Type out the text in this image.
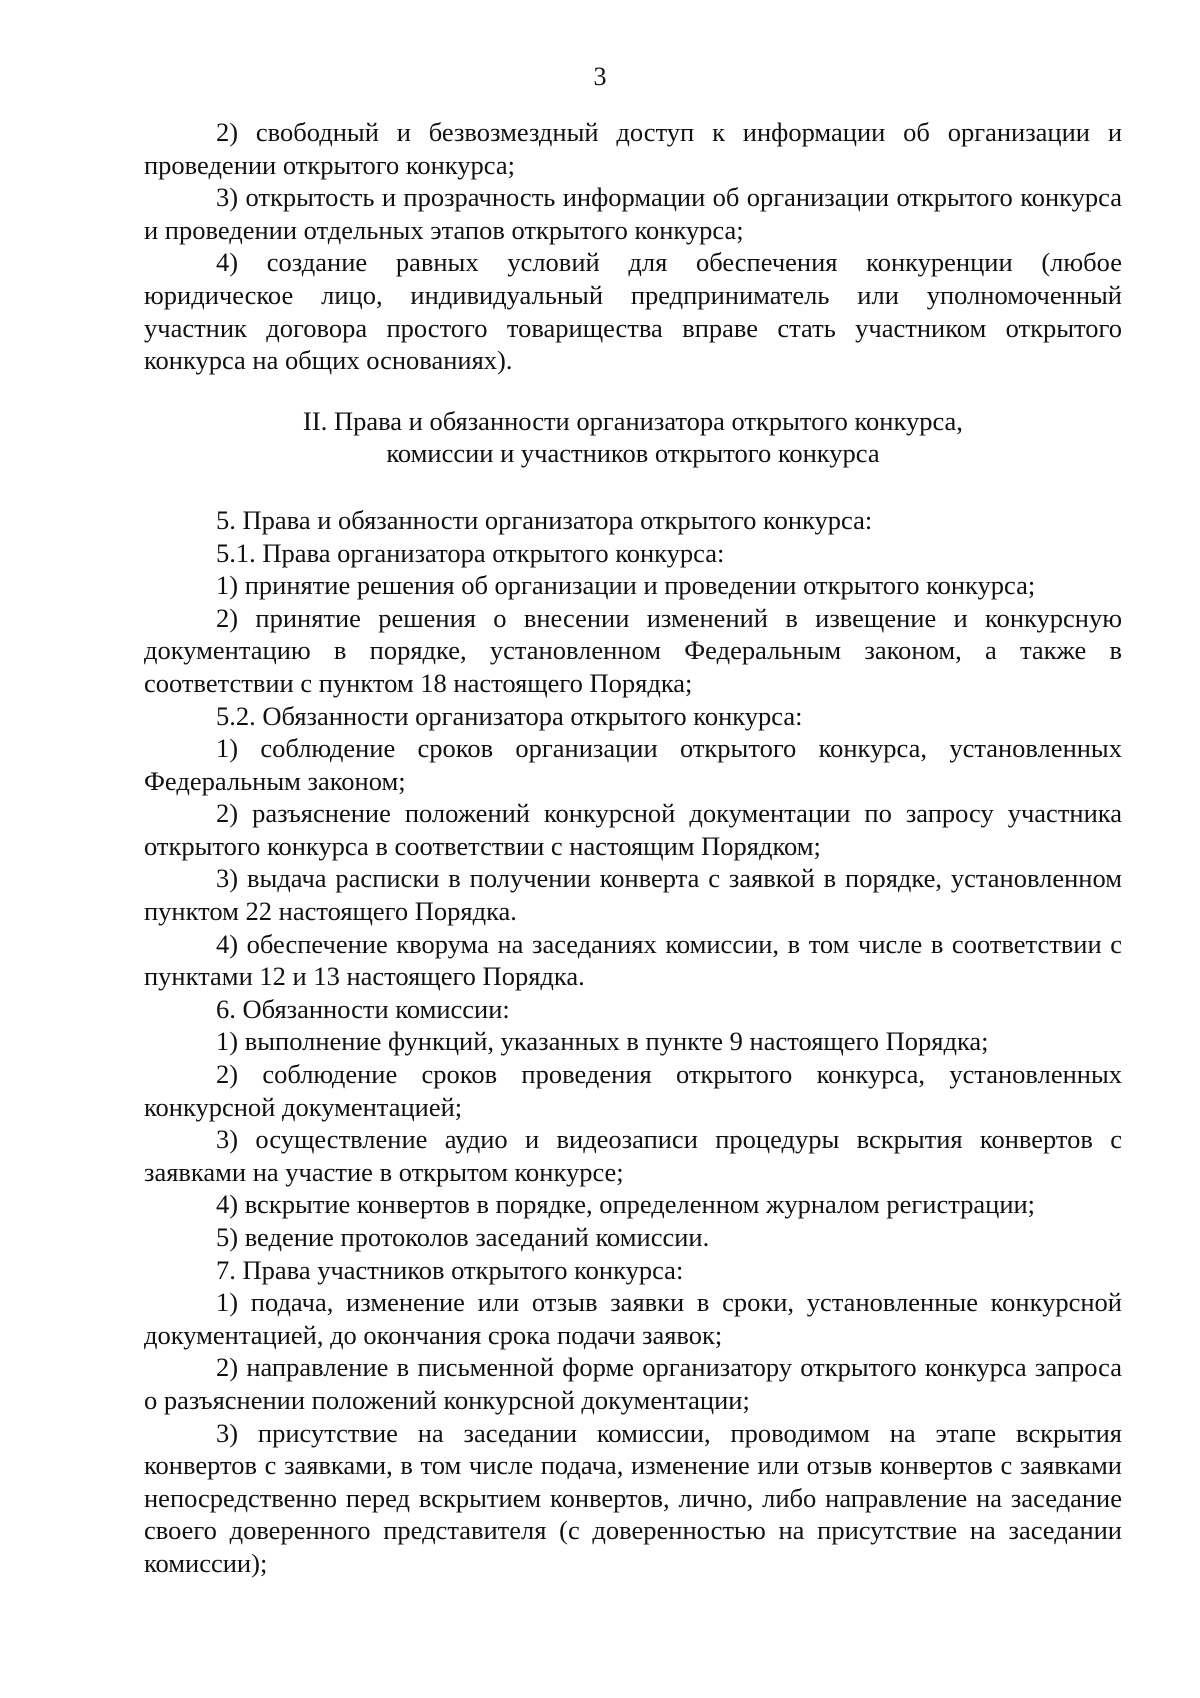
3

2) свободный и безвозмездный доступ к информации об организации и проведении открытого конкурса;

3) открытость и прозрачность информации об организации открытого конкурса и проведении отдельных этапов открытого конкурса;

4) создание равных условий для обеспечения конкуренции (любое юридическое лицо, индивидуальный предприниматель или уполномоченный участник договора простого товарищества вправе стать участником открытого конкурса на общих основаниях).

II. Права и обязанности организатора открытого конкурса,
комиссии и участников открытого конкурса

5. Права и обязанности организатора открытого конкурса:

5.1. Права организатора открытого конкурса:

1) принятие решения об организации и проведении открытого конкурса;

2) принятие решения о внесении изменений в извещение и конкурсную документацию в порядке, установленном Федеральным законом, а также в соответствии с пунктом 18 настоящего Порядка;

5.2. Обязанности организатора открытого конкурса:

1) соблюдение сроков организации открытого конкурса, установленных Федеральным законом;

2) разъяснение положений конкурсной документации по запросу участника открытого конкурса в соответствии с настоящим Порядком;

3) выдача расписки в получении конверта с заявкой в порядке, установленном пунктом 22 настоящего Порядка.

4) обеспечение кворума на заседаниях комиссии, в том числе в соответствии с пунктами 12 и 13 настоящего Порядка.

6. Обязанности комиссии:

1) выполнение функций, указанных в пункте 9 настоящего Порядка;

2) соблюдение сроков проведения открытого конкурса, установленных конкурсной документацией;

3) осуществление аудио и видеозаписи процедуры вскрытия конвертов с заявками на участие в открытом конкурсе;

4) вскрытие конвертов в порядке, определенном журналом регистрации;

5) ведение протоколов заседаний комиссии.

7. Права участников открытого конкурса:

1) подача, изменение или отзыв заявки в сроки, установленные конкурсной документацией, до окончания срока подачи заявок;

2) направление в письменной форме организатору открытого конкурса запроса о разъяснении положений конкурсной документации;

3) присутствие на заседании комиссии, проводимом на этапе вскрытия конвертов с заявками, в том числе подача, изменение или отзыв конвертов с заявками непосредственно перед вскрытием конвертов, лично, либо направление на заседание своего доверенного представителя (с доверенностью на присутствие на заседании комиссии);
